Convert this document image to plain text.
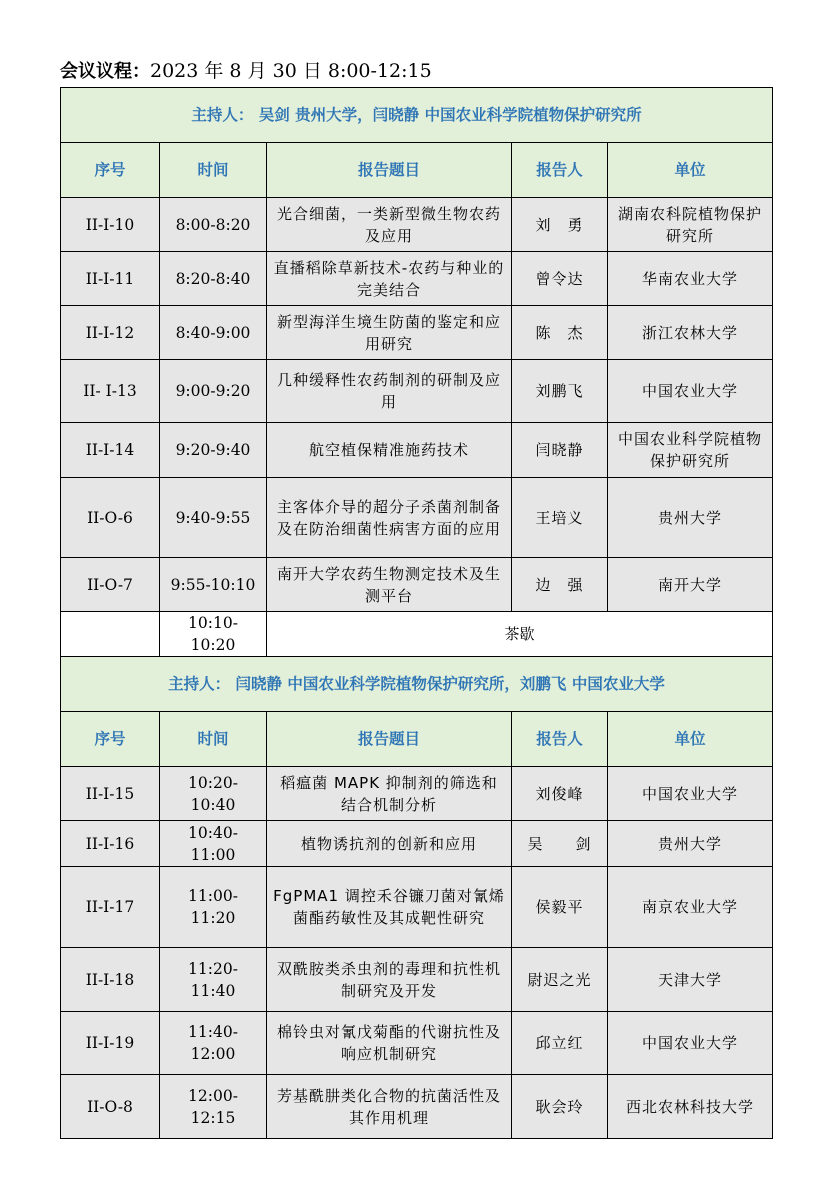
会议议程：2023 年 8 月 30 日 8:00-12:15
主持人： 吴剑 贵州大学，闫晓静 中国农业科学院植物保护研究所				
序号	时间	报告题目	报告人	单位
II-I-10	8:00-8:20	光合细菌，一类新型微生物农药及应用	刘　勇	湖南农科院植物保护研究所
II-I-11	8:20-8:40	直播稻除草新技术-农药与种业的完美结合	曾令达	华南农业大学
II-I-12	8:40-9:00	新型海洋生境生防菌的鉴定和应用研究	陈　杰	浙江农林大学
II- I-13	9:00-9:20	几种缓释性农药制剂的研制及应用	刘鹏飞	中国农业大学
II-I-14	9:20-9:40	航空植保精准施药技术	闫晓静	中国农业科学院植物保护研究所
II-O-6	9:40-9:55	主客体介导的超分子杀菌剂制备及在防治细菌性病害方面的应用	王培义	贵州大学
II-O-7	9:55-10:10	南开大学农药生物测定技术及生测平台	边　强	南开大学
	10:10-10:20	茶歇		
主持人： 闫晓静 中国农业科学院植物保护研究所，刘鹏飞 中国农业大学				
序号	时间	报告题目	报告人	单位
II-I-15	10:20-10:40	稻瘟菌 MAPK 抑制剂的筛选和结合机制分析	刘俊峰	中国农业大学
II-I-16	10:40-11:00	植物诱抗剂的创新和应用	吴　　剑	贵州大学
II-I-17	11:00-11:20	FgPMA1 调控禾谷镰刀菌对氰烯菌酯药敏性及其成靶性研究	侯毅平	南京农业大学
II-I-18	11:20-11:40	双酰胺类杀虫剂的毒理和抗性机制研究及开发	尉迟之光	天津大学
II-I-19	11:40-12:00	棉铃虫对氰戊菊酯的代谢抗性及响应机制研究	邱立红	中国农业大学
II-O-8	12:00-12:15	芳基酰肼类化合物的抗菌活性及其作用机理	耿会玲	西北农林科技大学
